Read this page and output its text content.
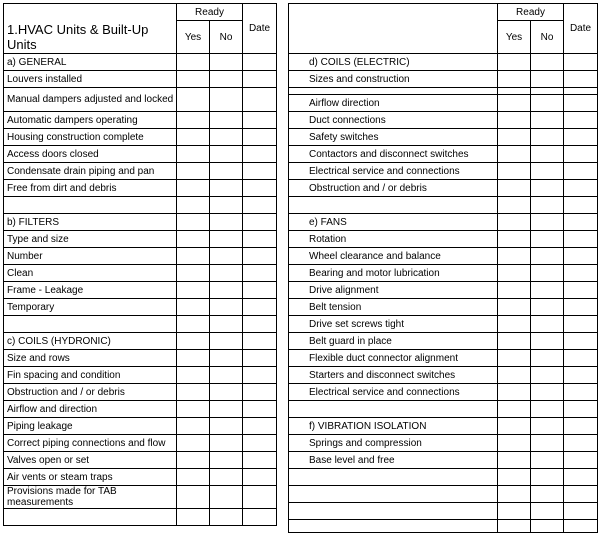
1.HVAC Units & Built-Up Units	Ready		Date
	Yes	No	
a) GENERAL			
Louvers installed			
Manual dampers adjusted and locked			
Automatic dampers operating			
Housing construction complete			
Access doors closed			
Condensate drain piping and pan			
Free from dirt and debris			

b) FILTERS			
Type and size			
Number			
Clean			
Frame - Leakage			
Temporary			

c) COILS (HYDRONIC)			
Size and rows			
Fin spacing and condition			
Obstruction and / or debris			
Airflow and direction			
Piping leakage			
Correct piping connections and flow			
Valves open or set			
Air vents or steam traps			
Provisions made for TAB measurements			

	Ready		Date
	Yes	No	
d) COILS (ELECTRIC)			
Sizes and construction			

Airflow direction			
Duct connections			
Safety switches			
Contactors and disconnect switches			
Electrical service and connections			
Obstruction and / or debris			

e) FANS			
Rotation			
Wheel clearance and balance			
Bearing and motor lubrication			
Drive alignment			
Belt tension			
Drive set screws tight			
Belt guard in place			
Flexible duct connector alignment			
Starters and disconnect switches			
Electrical service and connections			

f) VIBRATION ISOLATION			
Springs and compression			
Base level and free			
